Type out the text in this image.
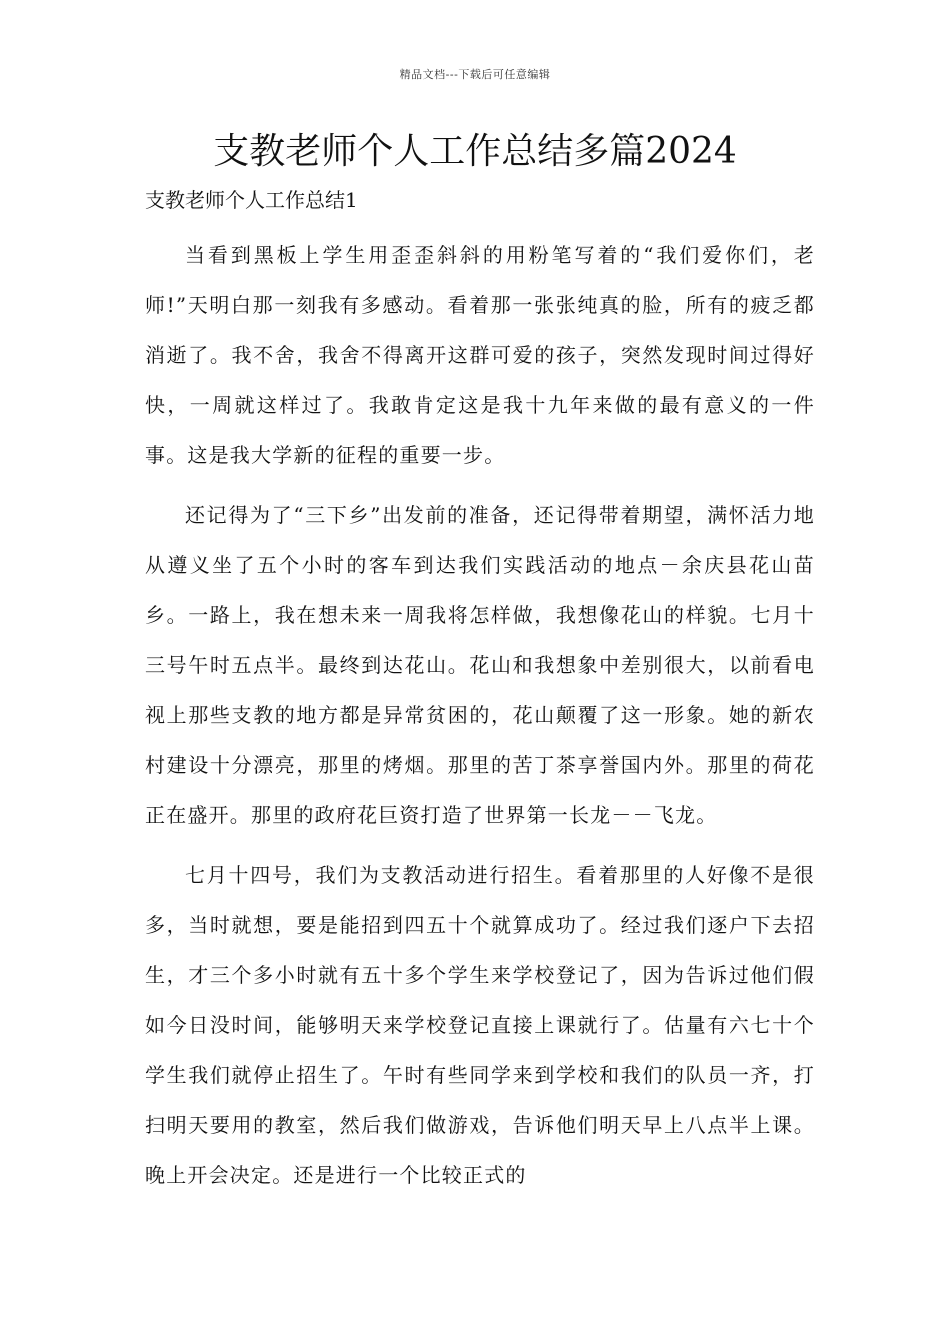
精品文档---下载后可任意编辑
支教老师个人工作总结多篇2024

支教老师个人工作总结1

当看到黑板上学生用歪歪斜斜的用粉笔写着的“我们爱你们，老师!”天明白那一刻我有多感动。看着那一张张纯真的脸，所有的疲乏都消逝了。我不舍，我舍不得离开这群可爱的孩子，突然发现时间过得好快，一周就这样过了。我敢肯定这是我十九年来做的最有意义的一件事。这是我大学新的征程的重要一步。

还记得为了“三下乡”出发前的准备，还记得带着期望，满怀活力地从遵义坐了五个小时的客车到达我们实践活动的地点－余庆县花山苗乡。一路上，我在想未来一周我将怎样做，我想像花山的样貌。七月十三号午时五点半。最终到达花山。花山和我想象中差别很大，以前看电视上那些支教的地方都是异常贫困的，花山颠覆了这一形象。她的新农村建设十分漂亮，那里的烤烟。那里的苦丁茶享誉国内外。那里的荷花正在盛开。那里的政府花巨资打造了世界第一长龙－－飞龙。

七月十四号，我们为支教活动进行招生。看着那里的人好像不是很多，当时就想，要是能招到四五十个就算成功了。经过我们逐户下去招生，才三个多小时就有五十多个学生来学校登记了，因为告诉过他们假如今日没时间，能够明天来学校登记直接上课就行了。估量有六七十个学生我们就停止招生了。午时有些同学来到学校和我们的队员一齐，打扫明天要用的教室，然后我们做游戏，告诉他们明天早上八点半上课。晚上开会决定。还是进行一个比较正式的
